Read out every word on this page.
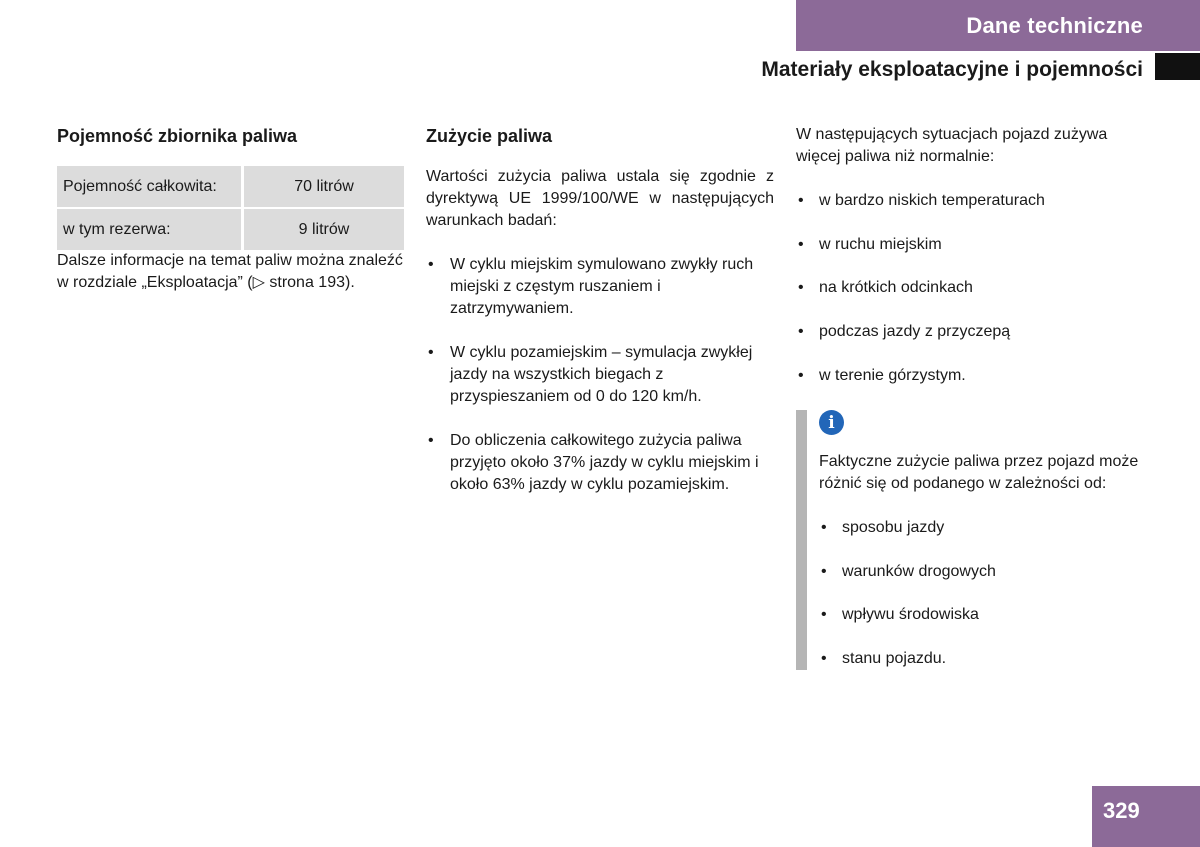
Dane techniczne
Materiały eksploatacyjne i pojemności
Pojemność zbiornika paliwa
Pojemność całkowita:	70 litrów

w tym rezerwa:	9 litrów

Dalsze informacje na temat paliw można znaleźć
w rozdziale „Eksploatacja” (▷ strona 193).

Zużycie paliwa

Wartości zużycia paliwa ustala się zgodnie z dyrektywą UE 1999/100/WE w następujących warunkach badań:

• W cyklu miejskim symulowano zwykły ruch miejski z częstym ruszaniem i zatrzymywaniem.
• W cyklu pozamiejskim – symulacja zwykłej jazdy na wszystkich biegach z przyspieszaniem od 0 do 120 km/h.
• Do obliczenia całkowitego zużycia paliwa przyjęto około 37% jazdy w cyklu miejskim i około 63% jazdy w cyklu pozamiejskim.

W następujących sytuacjach pojazd zużywa więcej paliwa niż normalnie:

• w bardzo niskich temperaturach
• w ruchu miejskim
• na krótkich odcinkach
• podczas jazdy z przyczepą
• w terenie górzystym.
i

Faktyczne zużycie paliwa przez pojazd może różnić się od podanego w zależności od:

• sposobu jazdy
• warunków drogowych
• wpływu środowiska
• stanu pojazdu.
329
